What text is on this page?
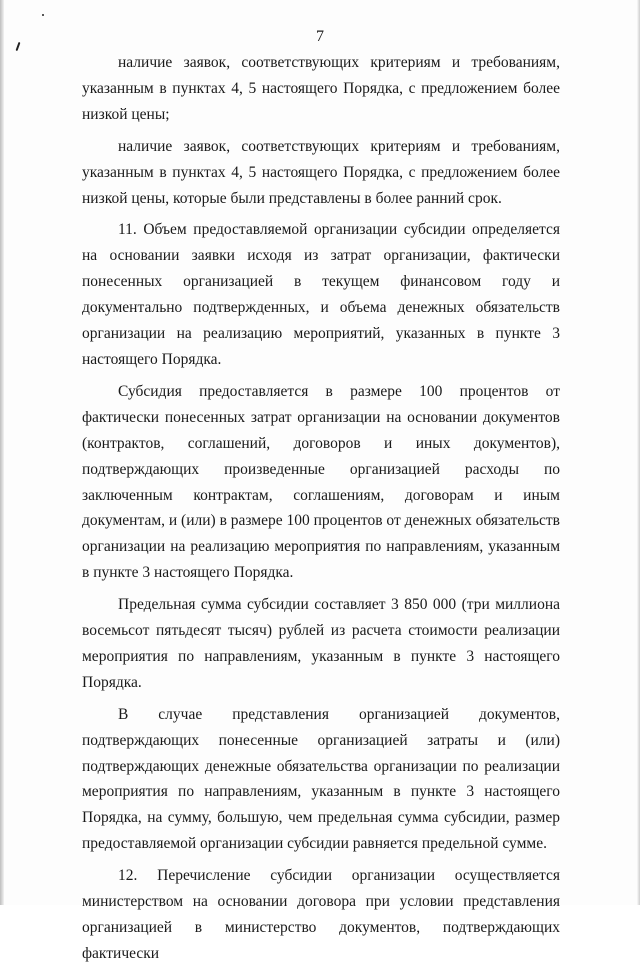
7

наличие заявок, соответствующих критериям и требованиям, указанным в пунктах 4, 5 настоящего Порядка, с предложением более низкой цены;

наличие заявок, соответствующих критериям и требованиям, указанным в пунктах 4, 5 настоящего Порядка, с предложением более низкой цены, которые были представлены в более ранний срок.

11. Объем предоставляемой организации субсидии определяется на основании заявки исходя из затрат организации, фактически понесенных организацией в текущем финансовом году и документально подтвержденных, и объема денежных обязательств организации на реализацию мероприятий, указанных в пункте 3 настоящего Порядка.

Субсидия предоставляется в размере 100 процентов от фактически понесенных затрат организации на основании документов (контрактов, соглашений, договоров и иных документов), подтверждающих произведенные организацией расходы по заключенным контрактам, соглашениям, договорам и иным документам, и (или) в размере 100 процентов от денежных обязательств организации на реализацию мероприятия по направлениям, указанным в пункте 3 настоящего Порядка.

Предельная сумма субсидии составляет 3 850 000 (три миллиона восемьсот пятьдесят тысяч) рублей из расчета стоимости реализации мероприятия по направлениям, указанным в пункте 3 настоящего Порядка.

В случае представления организацией документов, подтверждающих понесенные организацией затраты и (или) подтверждающих денежные обязательства организации по реализации мероприятия по направлениям, указанным в пункте 3 настоящего Порядка, на сумму, большую, чем предельная сумма субсидии, размер предоставляемой организации субсидии равняется предельной сумме.

12. Перечисление субсидии организации осуществляется министерством на основании договора при условии представления организацией в министерство документов, подтверждающих фактически
